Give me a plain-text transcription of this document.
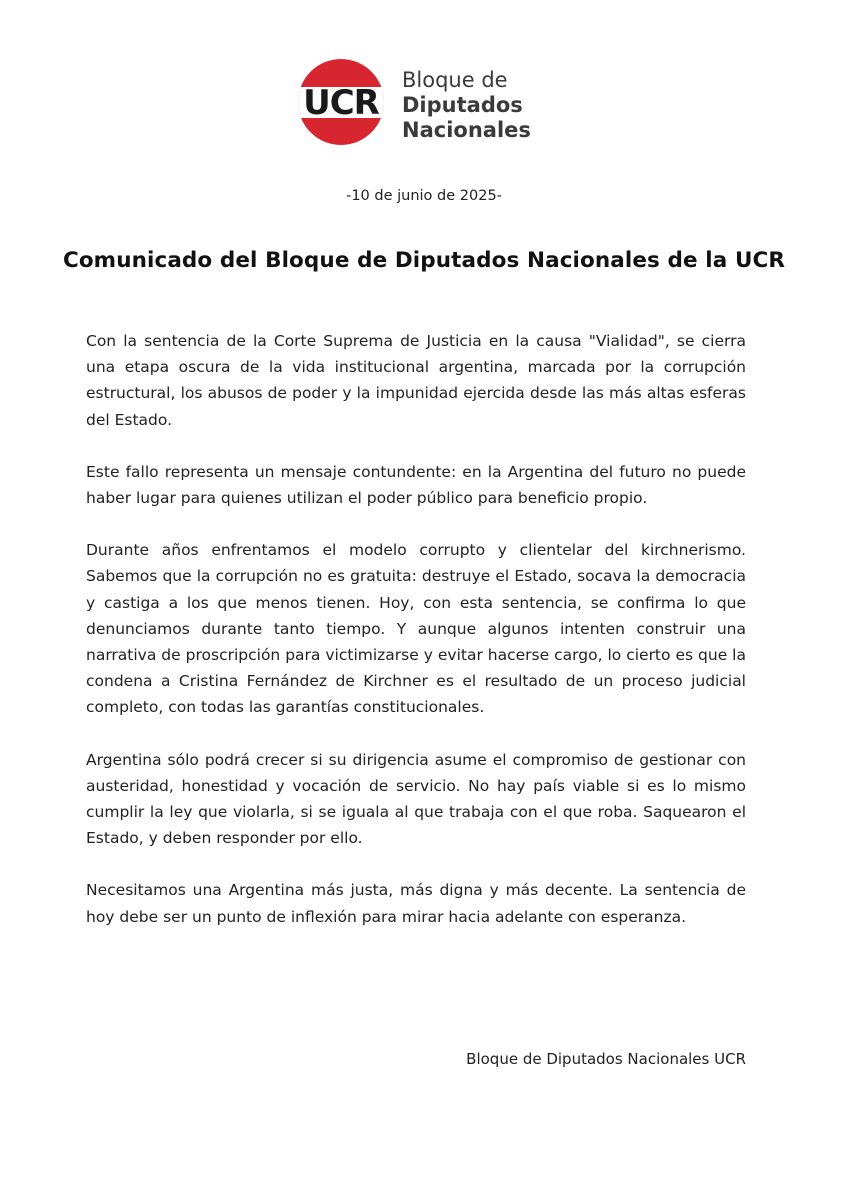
UCR
Bloque de
Diputados
Nacionales
-10 de junio de 2025-
Comunicado del Bloque de Diputados Nacionales de la UCR

Con la sentencia de la Corte Suprema de Justicia en la causa "Vialidad", se cierra una etapa oscura de la vida institucional argentina, marcada por la corrupción estructural, los abusos de poder y la impunidad ejercida desde las más altas esferas del Estado.

Este fallo representa un mensaje contundente: en la Argentina del futuro no puede haber lugar para quienes utilizan el poder público para beneficio propio.

Durante años enfrentamos el modelo corrupto y clientelar del kirchnerismo. Sabemos que la corrupción no es gratuita: destruye el Estado, socava la democracia y castiga a los que menos tienen. Hoy, con esta sentencia, se confirma lo que denunciamos durante tanto tiempo. Y aunque algunos intenten construir una narrativa de proscripción para victimizarse y evitar hacerse cargo, lo cierto es que la condena a Cristina Fernández de Kirchner es el resultado de un proceso judicial completo, con todas las garantías constitucionales.

Argentina sólo podrá crecer si su dirigencia asume el compromiso de gestionar con austeridad, honestidad y vocación de servicio. No hay país viable si es lo mismo cumplir la ley que violarla, si se iguala al que trabaja con el que roba. Saquearon el Estado, y deben responder por ello.

Necesitamos una Argentina más justa, más digna y más decente. La sentencia de hoy debe ser un punto de inflexión para mirar hacia adelante con esperanza.

Bloque de Diputados Nacionales UCR
